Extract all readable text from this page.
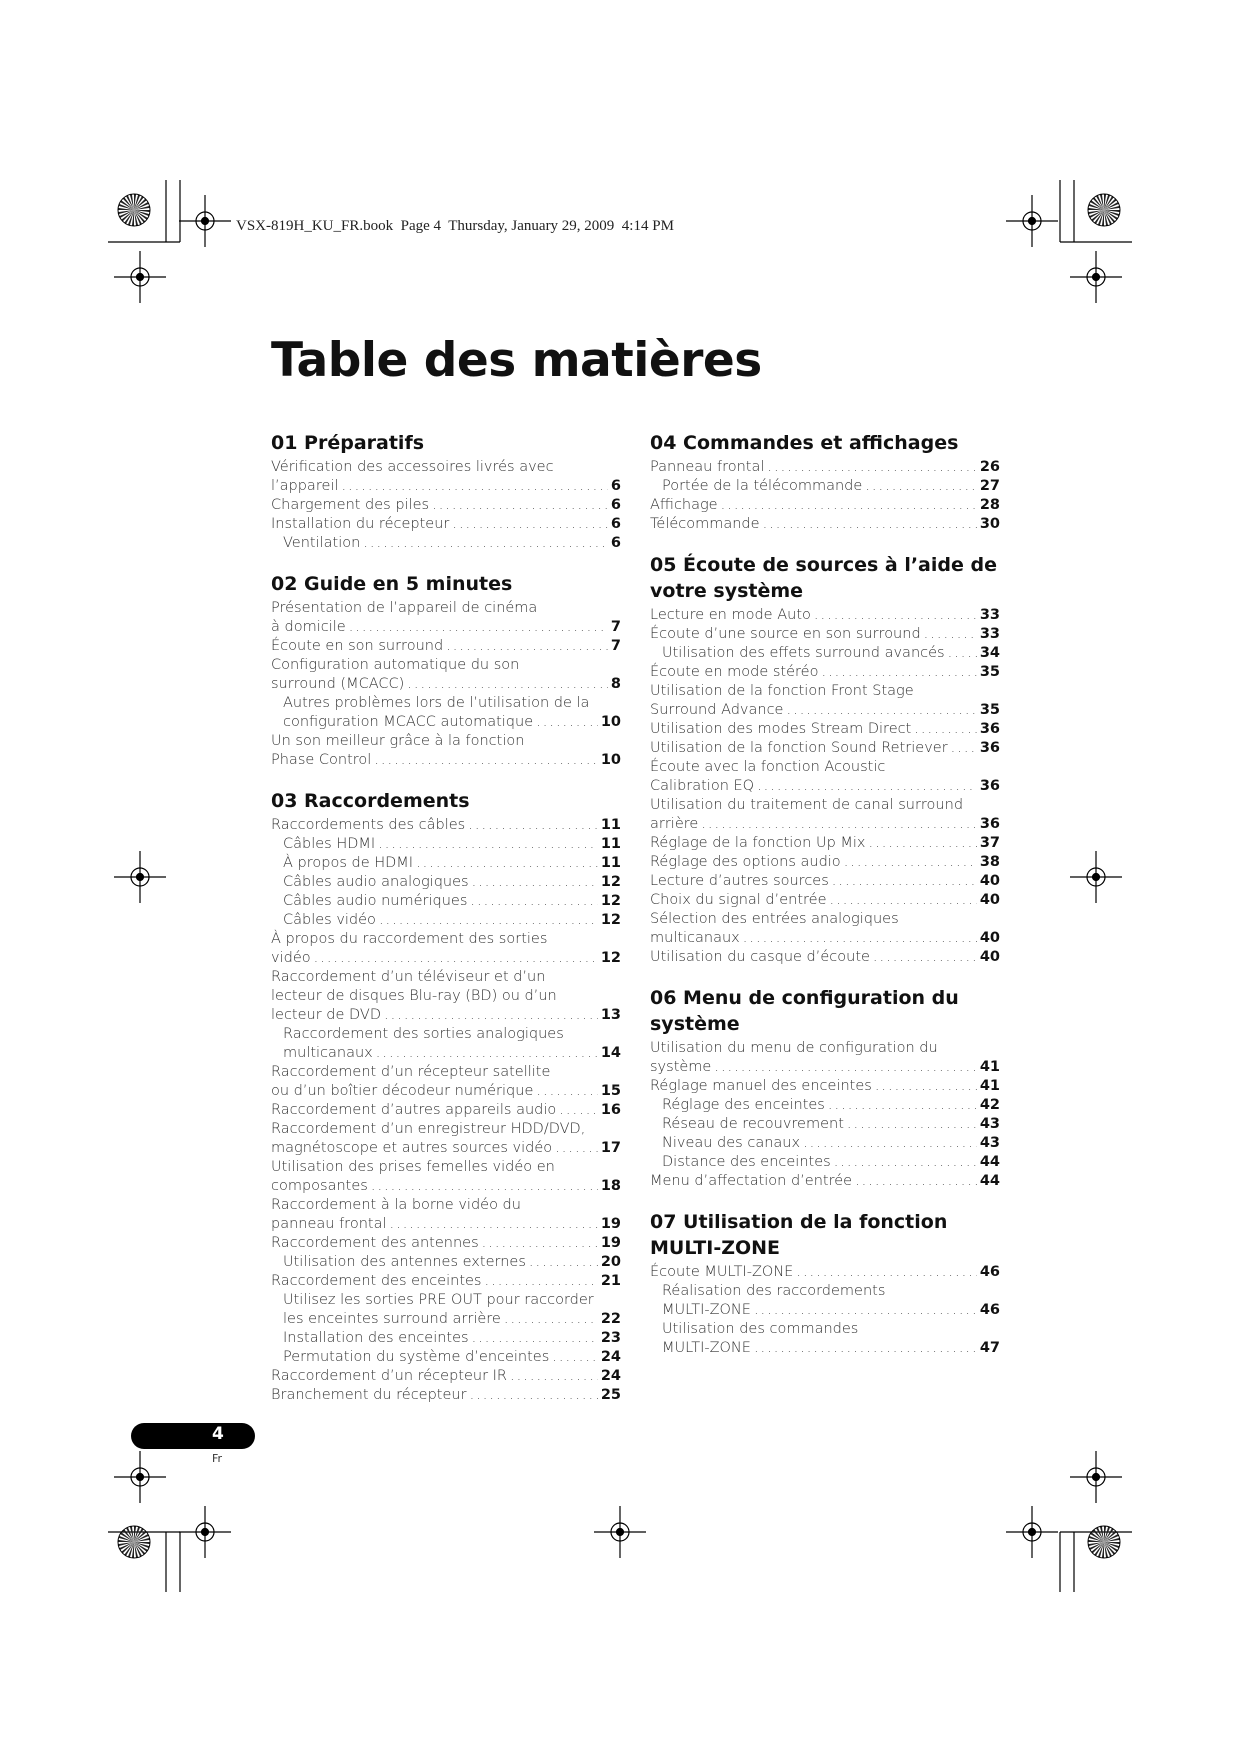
VSX-819H_KU_FR.book  Page 4  Thursday, January 29, 2009  4:14 PM
Table des matières
01 Préparatifs
Vérification des accessoires livrés avec
l’appareil .....	6
Chargement des piles .....	6
Installation du récepteur .....	6
Ventilation .....	6
02 Guide en 5 minutes
Présentation de l’appareil de cinéma
à domicile .....	7
Écoute en son surround .....	7
Configuration automatique du son
surround (MCACC) .....	8
Autres problèmes lors de l’utilisation de la
configuration MCACC automatique .....	10
Un son meilleur grâce à la fonction
Phase Control .....	10
03 Raccordements
Raccordements des câbles .....	11
Câbles HDMI .....	11
À propos de HDMI .....	11
Câbles audio analogiques .....	12
Câbles audio numériques .....	12
Câbles vidéo .....	12
À propos du raccordement des sorties
vidéo .....	12
Raccordement d’un téléviseur et d’un
lecteur de disques Blu-ray (BD) ou d’un
lecteur de DVD .....	13
Raccordement des sorties analogiques
multicanaux .....	14
Raccordement d’un récepteur satellite
ou d’un boîtier décodeur numérique .....	15
Raccordement d’autres appareils audio .....	16
Raccordement d’un enregistreur HDD/DVD,
magnétoscope et autres sources vidéo .....	17
Utilisation des prises femelles vidéo en
composantes .....	18
Raccordement à la borne vidéo du
panneau frontal .....	19
Raccordement des antennes .....	19
Utilisation des antennes externes .....	20
Raccordement des enceintes .....	21
Utilisez les sorties PRE OUT pour raccorder
les enceintes surround arrière .....	22
Installation des enceintes .....	23
Permutation du système d’enceintes .....	24
Raccordement d’un récepteur IR .....	24
Branchement du récepteur .....	25
04 Commandes et affichages
Panneau frontal .....	26
Portée de la télécommande .....	27
Affichage .....	28
Télécommande .....	30
05 Écoute de sources à l’aide de votre système
Lecture en mode Auto .....	33
Écoute d’une source en son surround .....	33
Utilisation des effets surround avancés ..... 34
Écoute en mode stéréo .....	35
Utilisation de la fonction Front Stage
Surround Advance .....	35
Utilisation des modes Stream Direct .....	36
Utilisation de la fonction Sound Retriever ..... 36
Écoute avec la fonction Acoustic
Calibration EQ .....	36
Utilisation du traitement de canal surround
arrière .....	36
Réglage de la fonction Up Mix .....	37
Réglage des options audio .....	38
Lecture d’autres sources .....	40
Choix du signal d’entrée .....	40
Sélection des entrées analogiques
multicanaux .....	40
Utilisation du casque d’écoute .....	40
06 Menu de configuration du système
Utilisation du menu de configuration du
système .....	41
Réglage manuel des enceintes .....	41
Réglage des enceintes .....	42
Réseau de recouvrement .....	43
Niveau des canaux .....	43
Distance des enceintes .....	44
Menu d’affectation d’entrée .....	44
07 Utilisation de la fonction MULTI-ZONE
Écoute MULTI-ZONE .....	46
Réalisation des raccordements
MULTI-ZONE .....	46
Utilisation des commandes
MULTI-ZONE .....	47
4
Fr
